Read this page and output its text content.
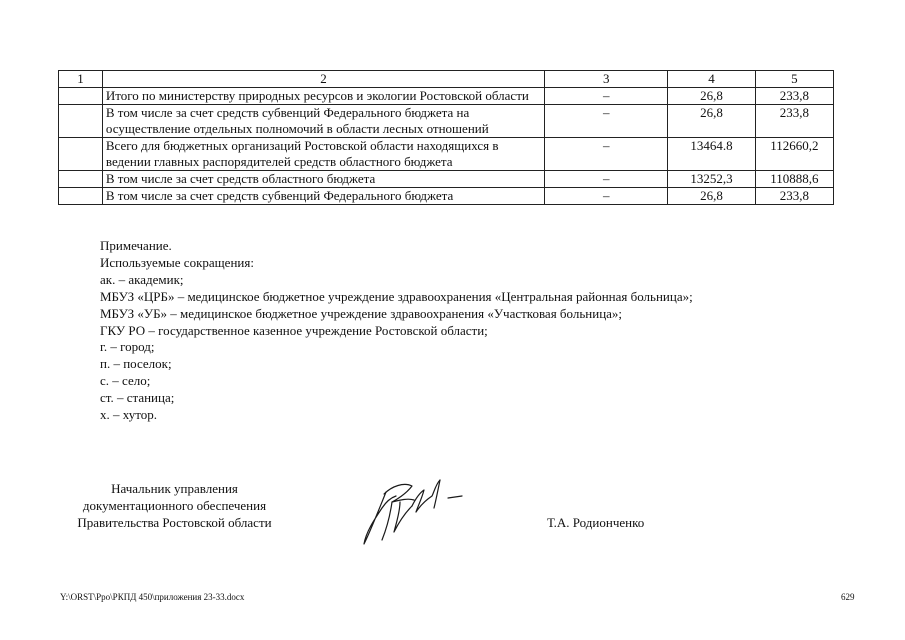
1	2	3	4	5
	Итого по министерству природных ресурсов и экологии Ростовской области	–	26,8	233,8
	В том числе за счет средств субвенций Федерального бюджета на осуществление отдельных полномочий в области лесных отношений	–	26,8	233,8
	Всего для бюджетных организаций Ростовской области находящихся в ведении главных распорядителей средств областного бюджета	–	13464.8	112660,2
	В том числе за счет средств областного бюджета	–	13252,3	110888,6
	В том числе за счет средств субвенций Федерального бюджета	–	26,8	233,8
Примечание.
Используемые сокращения:
ак. – академик;
МБУЗ «ЦРБ» – медицинское бюджетное учреждение здравоохранения «Центральная районная больница»;
МБУЗ «УБ» – медицинское бюджетное учреждение здравоохранения «Участковая больница»;
ГКУ РО – государственное казенное учреждение Ростовской области;
г. – город;
п. – поселок;
с. – село;
ст. – станица;
х. – хутор.
Начальник управления
документационного обеспечения
Правительства Ростовской области	Т.А. Родионченко
Y:\ORST\Ppo\РКПД 450\приложения 23-33.docx	629
